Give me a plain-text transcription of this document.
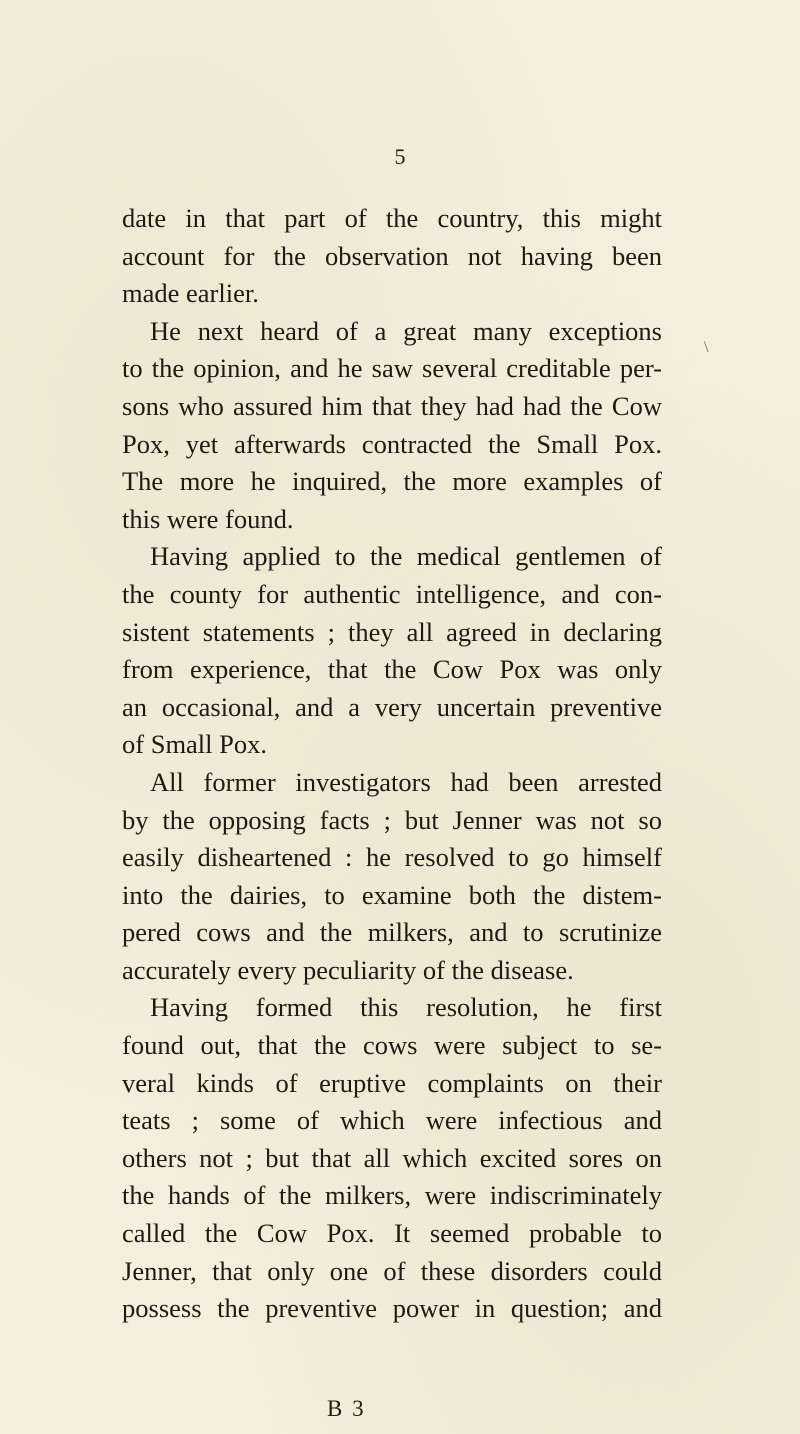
5
date in that part of the country, this might
account for the observation not having been
made earlier.
He next heard of a great many exceptions
to the opinion, and he saw several creditable per-
sons who assured him that they had had the Cow
Pox, yet afterwards contracted the Small Pox.
The more he inquired, the more examples of
this were found.
Having applied to the medical gentlemen of
the county for authentic intelligence, and con-
sistent statements ; they all agreed in declaring
from experience, that the Cow Pox was only
an occasional, and a very uncertain preventive
of Small Pox.
All former investigators had been arrested
by the opposing facts ; but Jenner was not so
easily disheartened : he resolved to go himself
into the dairies, to examine both the distem-
pered cows and the milkers, and to scrutinize
accurately every peculiarity of the disease.
Having formed this resolution, he first
found out, that the cows were subject to se-
veral kinds of eruptive complaints on their
teats ; some of which were infectious and
others not ; but that all which excited sores on
the hands of the milkers, were indiscriminately
called the Cow Pox. It seemed probable to
Jenner, that only one of these disorders could
possess the preventive power in question; and
\
B 3
